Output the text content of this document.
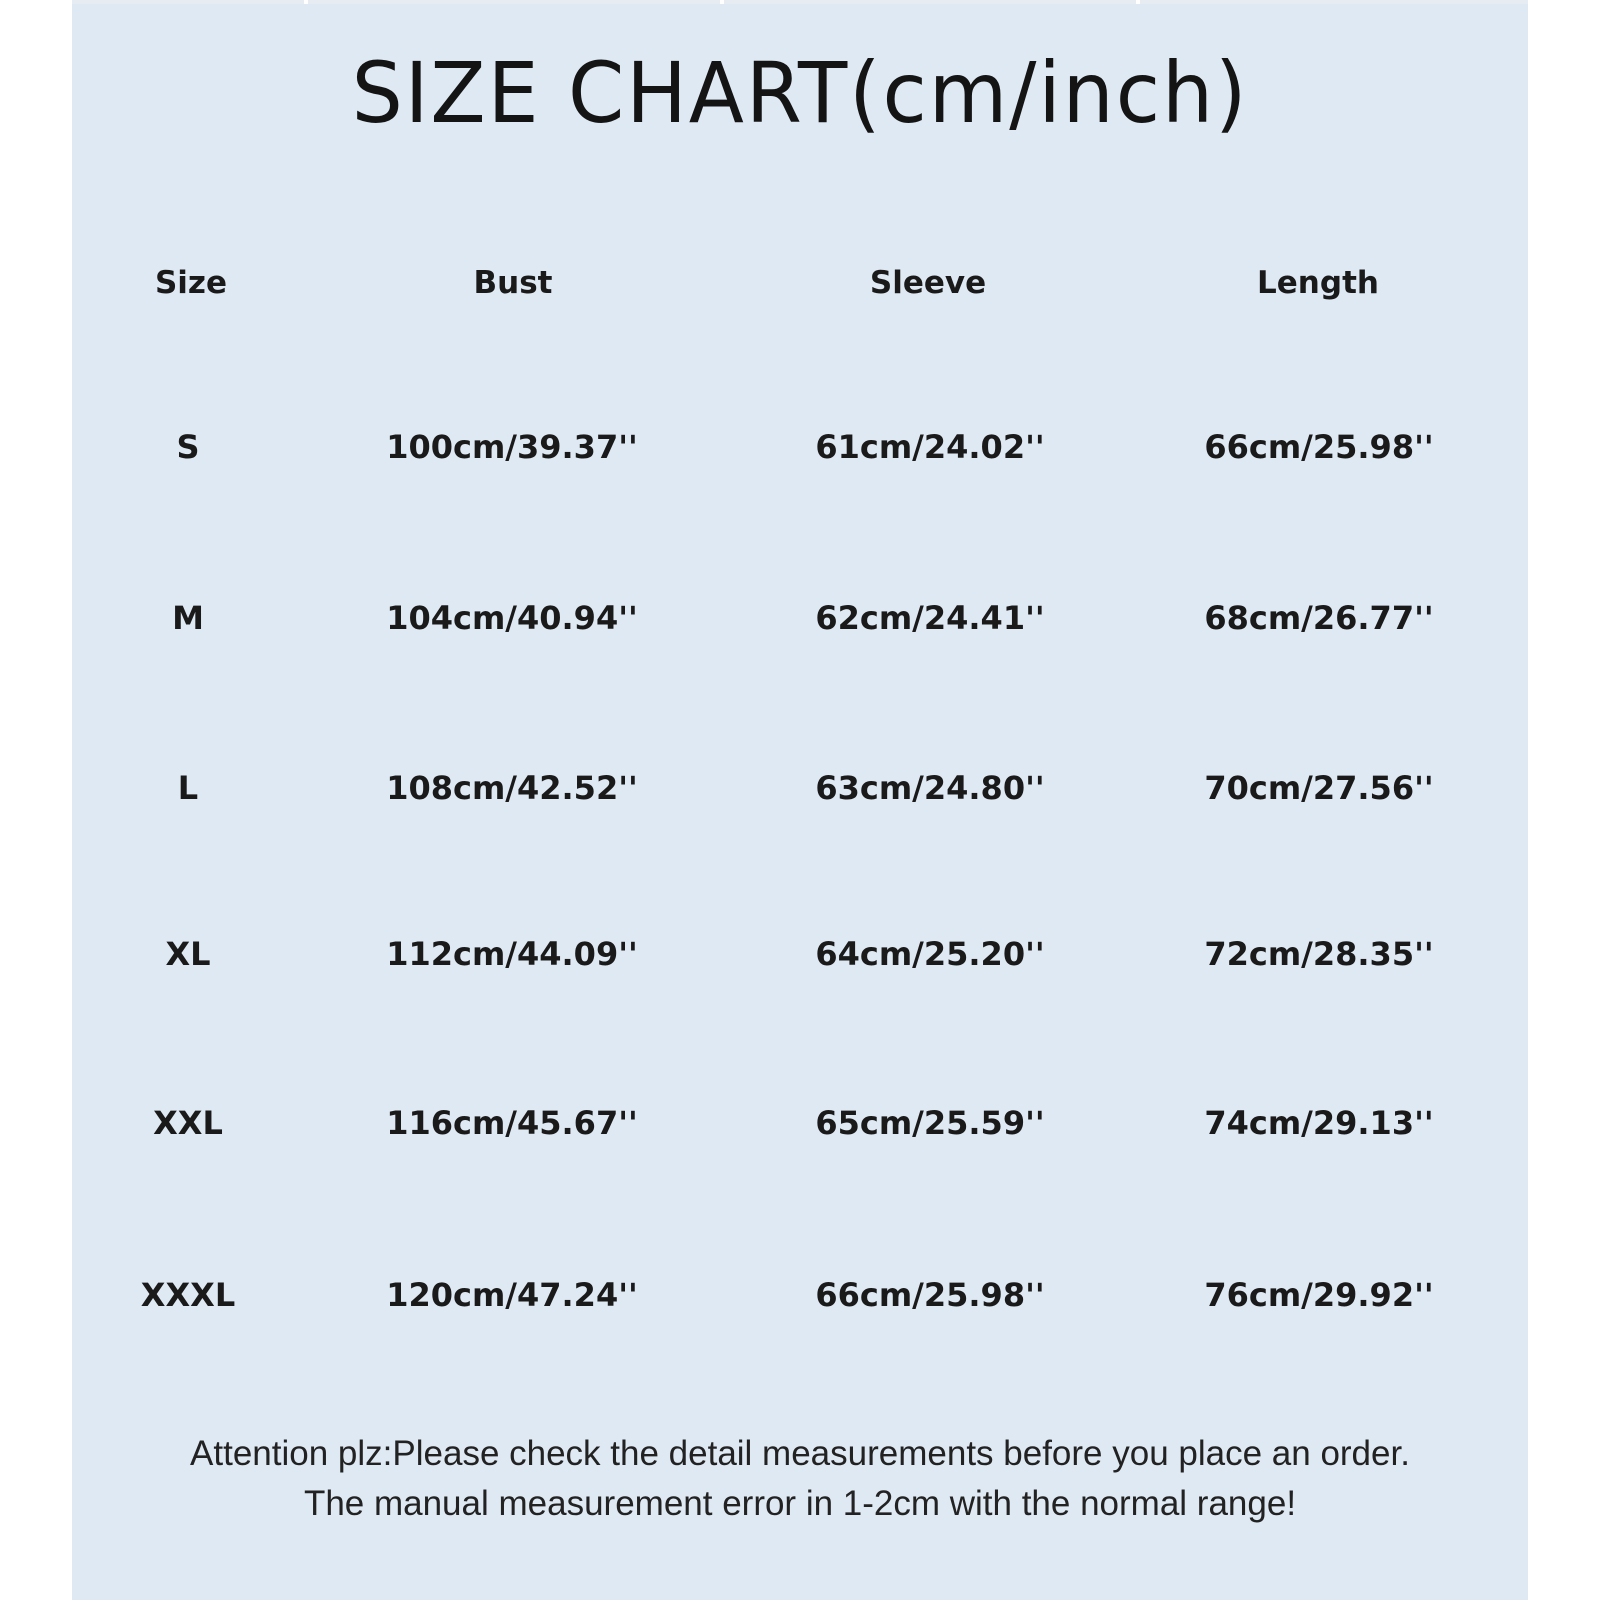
SIZE CHART(cm/inch)
Size	Bust	Sleeve	Length
S	100cm/39.37''	61cm/24.02''	66cm/25.98''
M	104cm/40.94''	62cm/24.41''	68cm/26.77''
L	108cm/42.52''	63cm/24.80''	70cm/27.56''
XL	112cm/44.09''	64cm/25.20''	72cm/28.35''
XXL	116cm/45.67''	65cm/25.59''	74cm/29.13''
XXXL	120cm/47.24''	66cm/25.98''	76cm/29.92''
Attention plz:Please check the detail measurements before you place an order.
The manual measurement error in 1-2cm with the normal range!
